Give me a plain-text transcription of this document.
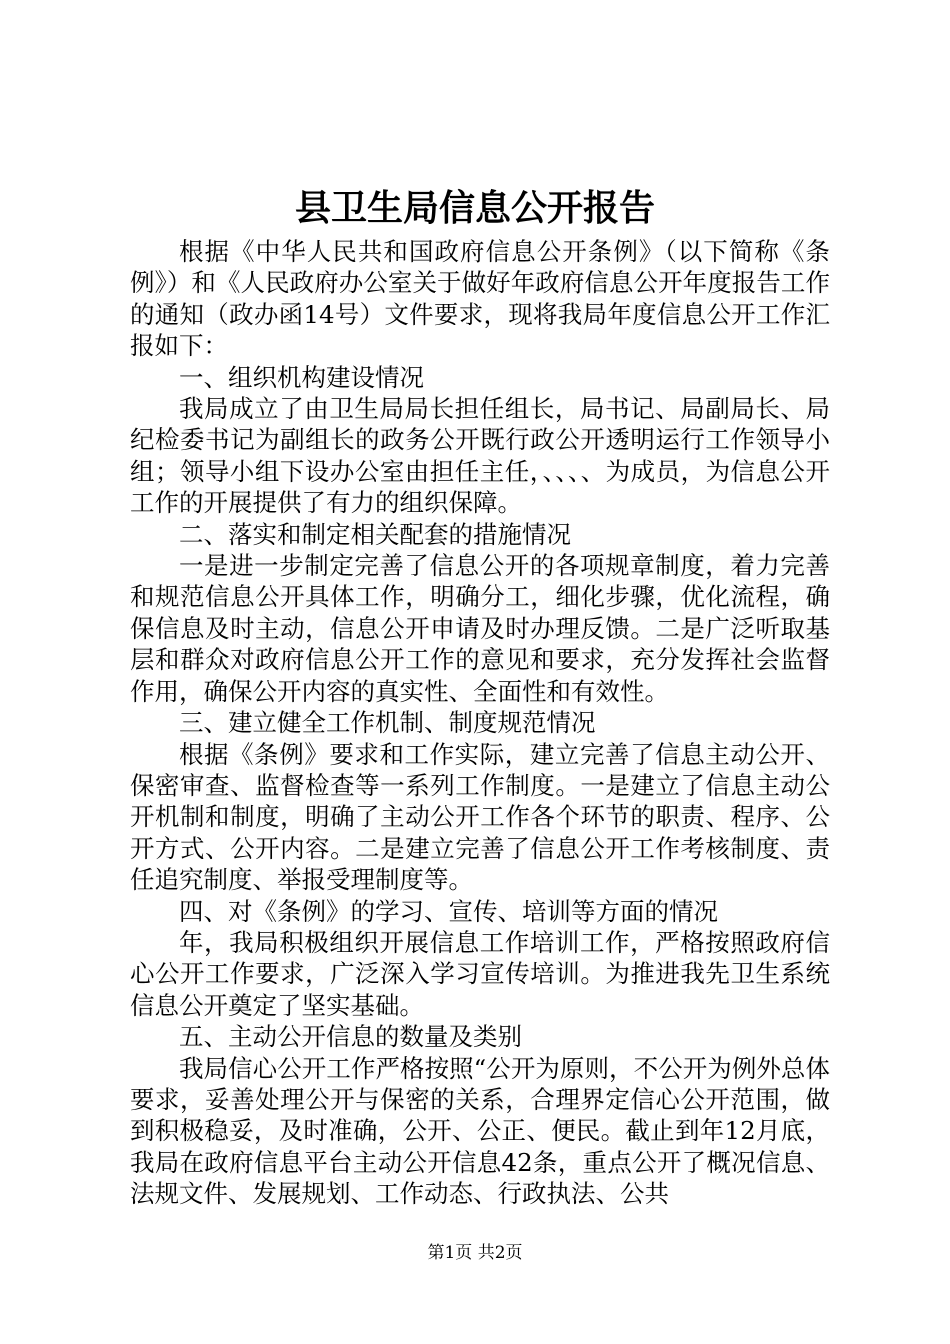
县卫生局信息公开报告

根据《中华人民共和国政府信息公开条例》（以下简称《条例》）和《人民政府办公室关于做好年政府信息公开年度报告工作的通知（政办函14号）文件要求，现将我局年度信息公开工作汇报如下：

一、组织机构建设情况

我局成立了由卫生局局长担任组长，局书记、局副局长、局纪检委书记为副组长的政务公开既行政公开透明运行工作领导小组；领导小组下设办公室由担任主任，、、、、为成员，为信息公开工作的开展提供了有力的组织保障。

二、落实和制定相关配套的措施情况

一是进一步制定完善了信息公开的各项规章制度，着力完善和规范信息公开具体工作，明确分工，细化步骤，优化流程，确保信息及时主动，信息公开申请及时办理反馈。二是广泛听取基层和群众对政府信息公开工作的意见和要求，充分发挥社会监督作用，确保公开内容的真实性、全面性和有效性。

三、建立健全工作机制、制度规范情况

根据《条例》要求和工作实际，建立完善了信息主动公开、保密审查、监督检查等一系列工作制度。一是建立了信息主动公开机制和制度，明确了主动公开工作各个环节的职责、程序、公开方式、公开内容。二是建立完善了信息公开工作考核制度、责任追究制度、举报受理制度等。

四、对《条例》的学习、宣传、培训等方面的情况

年，我局积极组织开展信息工作培训工作，严格按照政府信心公开工作要求，广泛深入学习宣传培训。为推进我先卫生系统信息公开奠定了坚实基础。

五、主动公开信息的数量及类别

我局信心公开工作严格按照“公开为原则，不公开为例外总体要求，妥善处理公开与保密的关系，合理界定信心公开范围，做到积极稳妥，及时准确，公开、公正、便民。截止到年12月底，我局在政府信息平台主动公开信息42条，重点公开了概况信息、法规文件、发展规划、工作动态、行政执法、公共

第1页 共2页
